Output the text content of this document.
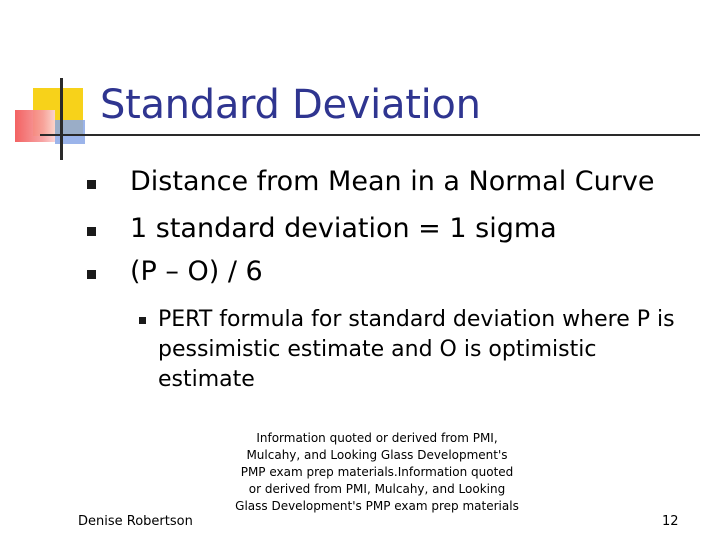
Standard Deviation
Distance from Mean in a Normal Curve
1 standard deviation = 1 sigma
(P – O) / 6
PERT formula for standard deviation where P is pessimistic estimate and O is optimistic estimate
Denise Robertson
Information quoted or derived from PMI, Mulcahy, and Looking Glass Development's PMP exam prep materials.Information quoted or derived from PMI, Mulcahy, and Looking Glass Development's PMP exam prep materials
12
